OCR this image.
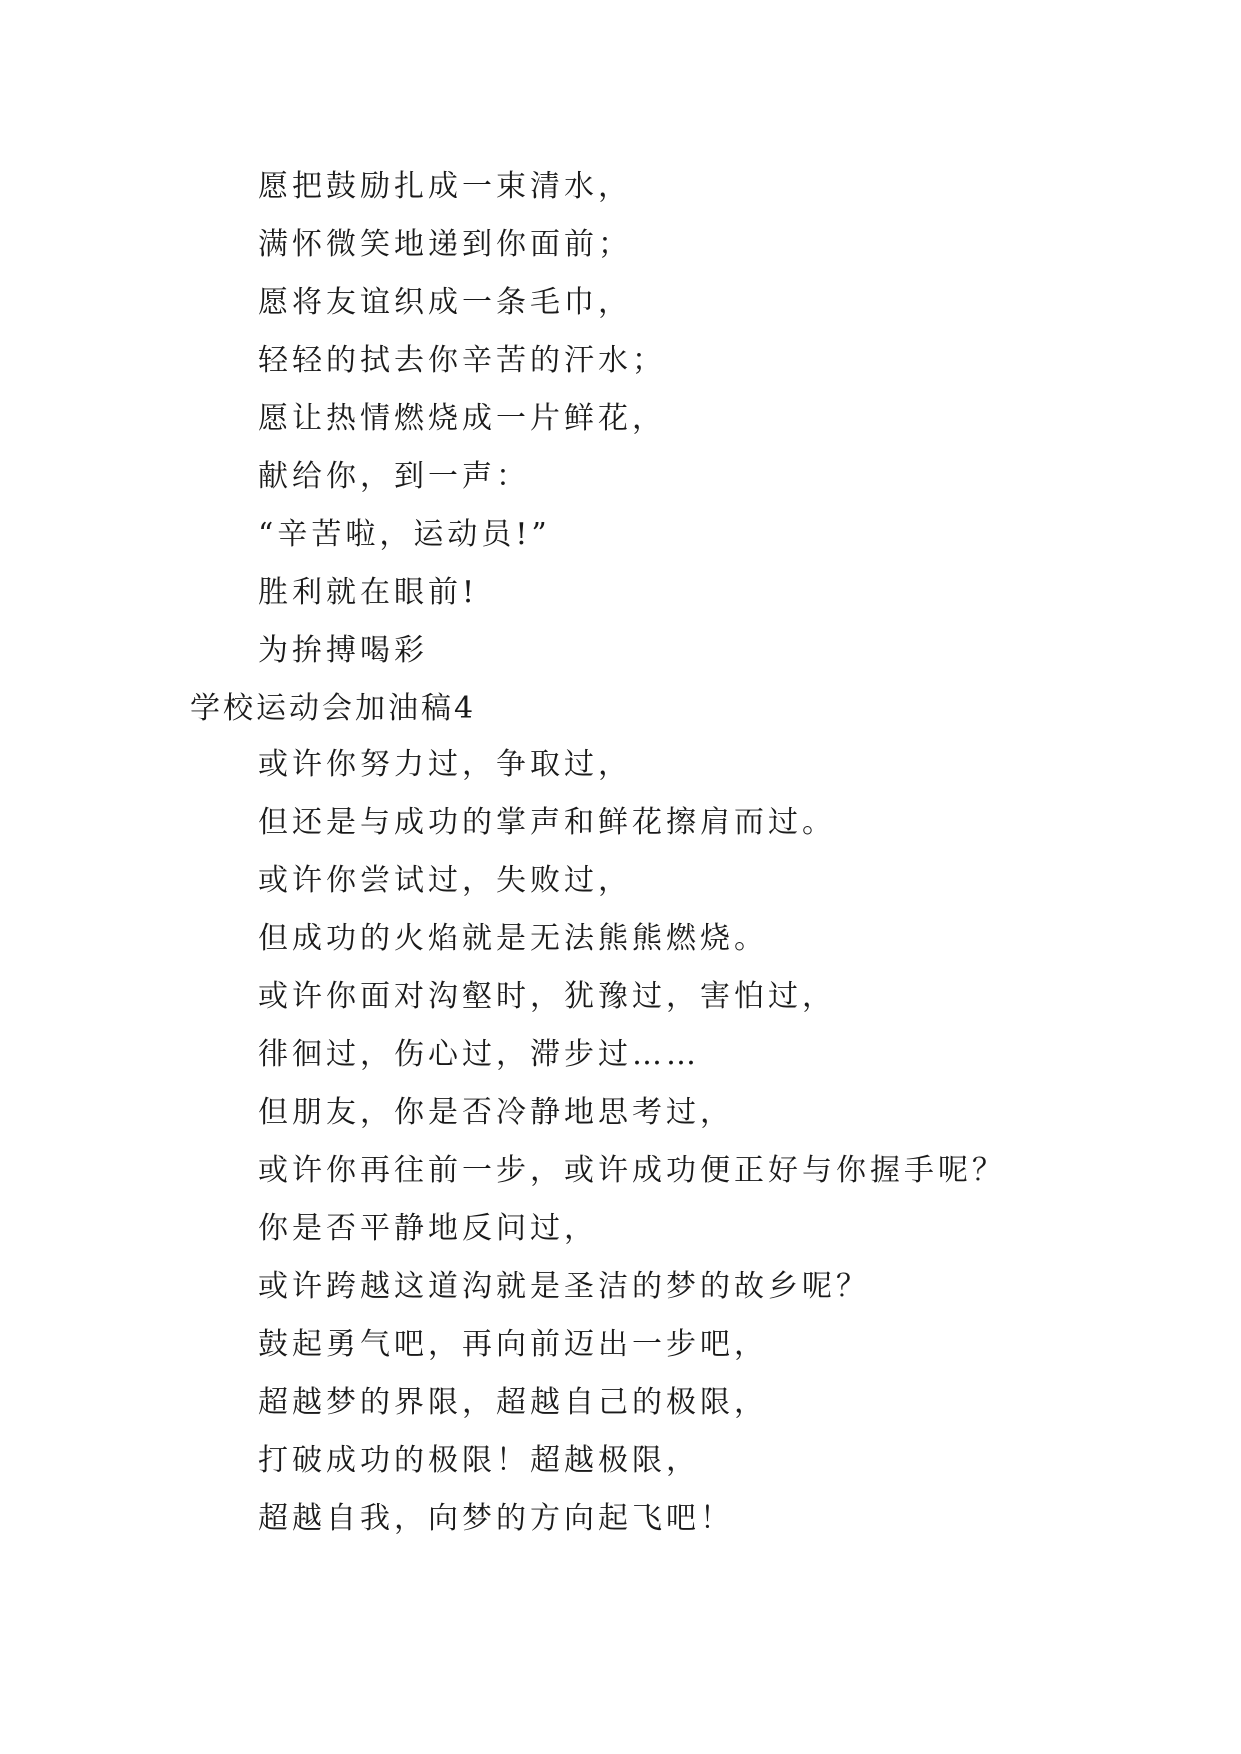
愿把鼓励扎成一束清水，
满怀微笑地递到你面前；
愿将友谊织成一条毛巾，
轻轻的拭去你辛苦的汗水；
愿让热情燃烧成一片鲜花，
献给你，到一声：
“辛苦啦，运动员!”
胜利就在眼前!
为拚搏喝彩
学校运动会加油稿4
或许你努力过，争取过，
但还是与成功的掌声和鲜花擦肩而过。
或许你尝试过，失败过，
但成功的火焰就是无法熊熊燃烧。
或许你面对沟壑时，犹豫过，害怕过，
徘徊过，伤心过，滞步过……
但朋友，你是否冷静地思考过，
或许你再往前一步，或许成功便正好与你握手呢？
你是否平静地反问过，
或许跨越这道沟就是圣洁的梦的故乡呢？
鼓起勇气吧，再向前迈出一步吧，
超越梦的界限，超越自己的极限，
打破成功的极限！超越极限，
超越自我，向梦的方向起飞吧！
